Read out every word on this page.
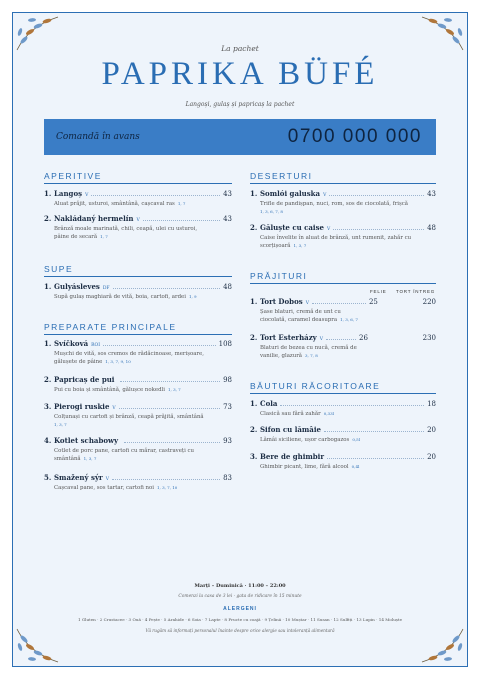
La pachet
PAPRIKA BÜFÉ
Langoși, gulaș și papricaș la pachet
Comandă în avans	0700 000 000
APERITIVE
1. Langoș V	43
Aluat prăjit, usturoi, smântână, cașcaval ras 1, 7
2. Nakládaný hermelín V	43
Brânză moale marinată, chili, ceapă, ulei cu usturoi,
pâine de secară 1, 7
SUPE
1. Gulyásleves DF	48
Supă gulaș maghiară de vită, boia, cartofi, ardei 1, 9
PREPARATE PRINCIPALE
1. Svíčková ROI	108
Mușchi de vită, sos cremos de rădăcinoase, merișoare,
gălușete de pâine 1, 3, 7, 9, 10
2. Papricaș de pui	98
Pui cu boia și smântână, gălușce nokedli 1, 3, 7
3. Pierogi ruskie V	73
Colțunași cu cartofi și brânză, ceapă prăjită, smântână
1, 3, 7
4. Kotlet schabowy	93
Cotlet de porc pane, cartofi cu mărar, castraveți cu
smântână 1, 3, 7
5. Smažený sýr V	83
Cașcaval pane, sos tartar, cartofi noi 1, 3, 7, 10
DESERTURI
1. Somlói galuska V	43
Trifle de pandișpan, nuci, rom, sos de ciocolată, frișcă
1, 3, 6, 7, 8
2. Găluște cu caise V	48
Caise învelite în aluat de brânză, unt rumenit, zahăr cu
scorțișoară 1, 3, 7
PRĂJITURI
FELIE TORT ÎNTREG
1. Tort Dobos V	25	220
Șase blaturi, cremă de unt cu
ciocolată, caramel deasupra 1, 3, 6, 7
2. Tort Esterházy V	26	230
Blaturi de bezea cu nucă, cremă de
vanilie, glazură 3, 7, 8
BĂUTURI RĂCORITOARE
1. Cola	18
Clasică sau fără zahăr 0,33l
2. Sifon cu lămâie	20
Lămâi siciliene, ușor carbogazos 0,5l
3. Bere de ghimbir	20
Ghimbir picant, lime, fără alcool 0,4l
Marți – Duminică · 11:00 – 22:00
Comenzi la casa de 3 lei · gata de ridicare în 15 minute
ALERGENI
1 Gluten · 2 Crustacee · 3 Ouă · 4 Pește · 5 Arahide · 6 Soia · 7 Lapte · 8 Fructe cu coajă · 9 Țelină · 10 Muștar · 11 Susan · 12 Sulfiți · 13 Lupin · 14 Moluște
Vă rugăm să informați personalul înainte despre orice alergie sau intoleranță alimentară
